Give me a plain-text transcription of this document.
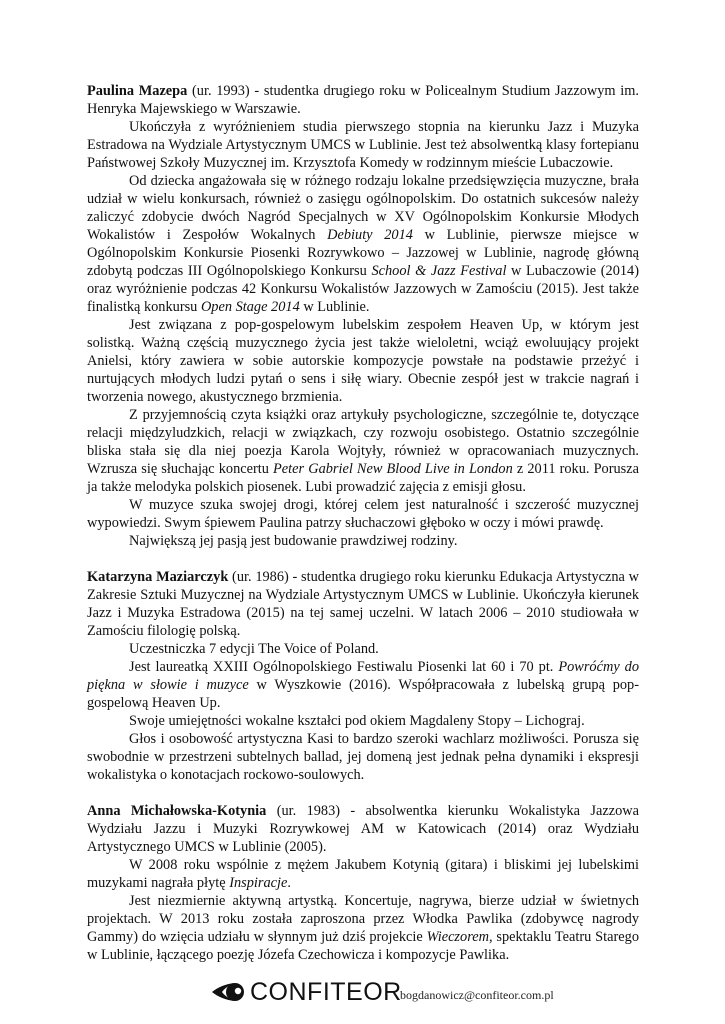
Paulina Mazepa (ur. 1993) - studentka drugiego roku w Policealnym Studium Jazzowym im. Henryka Majewskiego w Warszawie.

Ukończyła z wyróżnieniem studia pierwszego stopnia na kierunku Jazz i Muzyka Estradowa na Wydziale Artystycznym UMCS w Lublinie. Jest też absolwentką klasy fortepianu Państwowej Szkoły Muzycznej im. Krzysztofa Komedy w rodzinnym mieście Lubaczowie.

Od dziecka angażowała się w różnego rodzaju lokalne przedsięwzięcia muzyczne, brała udział w wielu konkursach, również o zasięgu ogólnopolskim. Do ostatnich sukcesów należy zaliczyć zdobycie dwóch Nagród Specjalnych w XV Ogólnopolskim Konkursie Młodych Wokalistów i Zespołów Wokalnych Debiuty 2014 w Lublinie, pierwsze miejsce w Ogólnopolskim Konkursie Piosenki Rozrywkowo – Jazzowej w Lublinie, nagrodę główną zdobytą podczas III Ogólnopolskiego Konkursu School & Jazz Festival w Lubaczowie (2014) oraz wyróżnienie podczas 42 Konkursu Wokalistów Jazzowych w Zamościu (2015). Jest także finalistką konkursu Open Stage 2014 w Lublinie.

Jest związana z pop-gospelowym lubelskim zespołem Heaven Up, w którym jest solistką. Ważną częścią muzycznego życia jest także wieloletni, wciąż ewoluujący projekt Anielsi, który zawiera w sobie autorskie kompozycje powstałe na podstawie przeżyć i nurtujących młodych ludzi pytań o sens i siłę wiary. Obecnie zespół jest w trakcie nagrań i tworzenia nowego, akustycznego brzmienia.

Z przyjemnością czyta książki oraz artykuły psychologiczne, szczególnie te, dotyczące relacji międzyludzkich, relacji w związkach, czy rozwoju osobistego. Ostatnio szczególnie bliska stała się dla niej poezja Karola Wojtyły, również w opracowaniach muzycznych. Wzrusza się słuchając koncertu Peter Gabriel New Blood Live in London z 2011 roku. Porusza ja także melodyka polskich piosenek. Lubi prowadzić zajęcia z emisji głosu.

W muzyce szuka swojej drogi, której celem jest naturalność i szczerość muzycznej wypowiedzi. Swym śpiewem Paulina patrzy słuchaczowi głęboko w oczy i mówi prawdę.

Największą jej pasją jest budowanie prawdziwej rodziny.

Katarzyna Maziarczyk (ur. 1986) - studentka drugiego roku kierunku Edukacja Artystyczna w Zakresie Sztuki Muzycznej na Wydziale Artystycznym UMCS w Lublinie. Ukończyła kierunek Jazz i Muzyka Estradowa (2015) na tej samej uczelni. W latach 2006 – 2010 studiowała w Zamościu filologię polską.

Uczestniczka 7 edycji The Voice of Poland.

Jest laureatką XXIII Ogólnopolskiego Festiwalu Piosenki lat 60 i 70 pt. Powróćmy do piękna w słowie i muzyce w Wyszkowie (2016). Współpracowała z lubelską grupą pop-gospelową Heaven Up.

Swoje umiejętności wokalne kształci pod okiem Magdaleny Stopy – Lichograj.

Głos i osobowość artystyczna Kasi to bardzo szeroki wachlarz możliwości. Porusza się swobodnie w przestrzeni subtelnych ballad, jej domeną jest jednak pełna dynamiki i ekspresji wokalistyka o konotacjach rockowo-soulowych.

Anna Michałowska-Kotynia (ur. 1983) - absolwentka kierunku Wokalistyka Jazzowa Wydziału Jazzu i Muzyki Rozrywkowej AM w Katowicach (2014) oraz Wydziału Artystycznego UMCS w Lublinie (2005).

W 2008 roku wspólnie z mężem Jakubem Kotynią (gitara) i bliskimi jej lubelskimi muzykami nagrała płytę Inspiracje.

Jest niezmiernie aktywną artystką. Koncertuje, nagrywa, bierze udział w świetnych projektach. W 2013 roku została zaproszona przez Włodka Pawlika (zdobywcę nagrody Gammy) do wzięcia udziału w słynnym już dziś projekcie Wieczorem, spektaklu Teatru Starego w Lublinie, łączącego poezję Józefa Czechowicza i kompozycje Pawlika.

CONFITEOR
bogdanowicz@confiteor.com.pl
